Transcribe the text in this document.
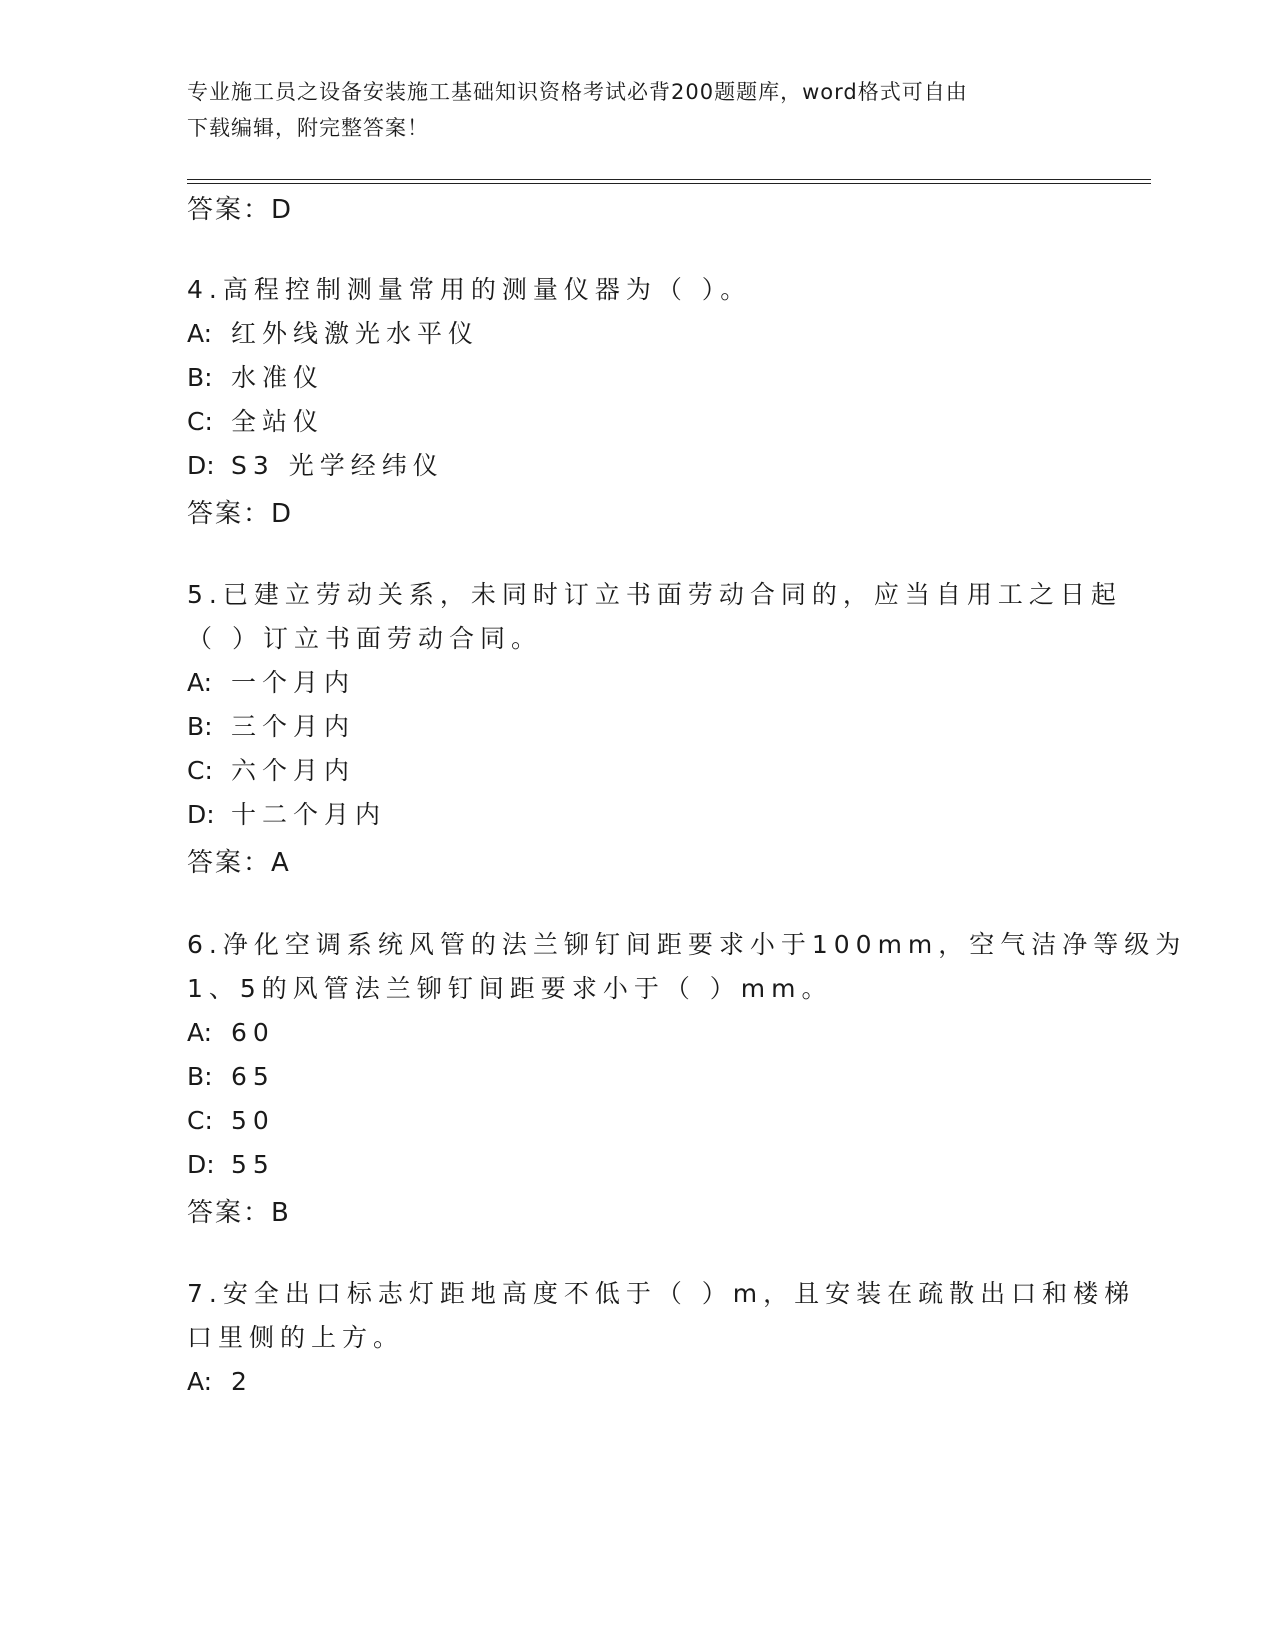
专业施工员之设备安装施工基础知识资格考试必背200题题库，word格式可自由
下载编辑，附完整答案！
答案：D
4.高程控制测量常用的测量仪器为（ ）。
A: 红外线激光水平仪
B: 水准仪
C: 全站仪
D: S3 光学经纬仪
答案：D
5.已建立劳动关系，未同时订立书面劳动合同的，应当自用工之日起
（ ）订立书面劳动合同。
A: 一个月内
B: 三个月内
C: 六个月内
D: 十二个月内
答案：A
6.净化空调系统风管的法兰铆钉间距要求小于100mm，空气洁净等级为
1、5的风管法兰铆钉间距要求小于（ ）mm。
A: 60
B: 65
C: 50
D: 55
答案：B
7.安全出口标志灯距地高度不低于（ ）m，且安装在疏散出口和楼梯
口里侧的上方。
A: 2
